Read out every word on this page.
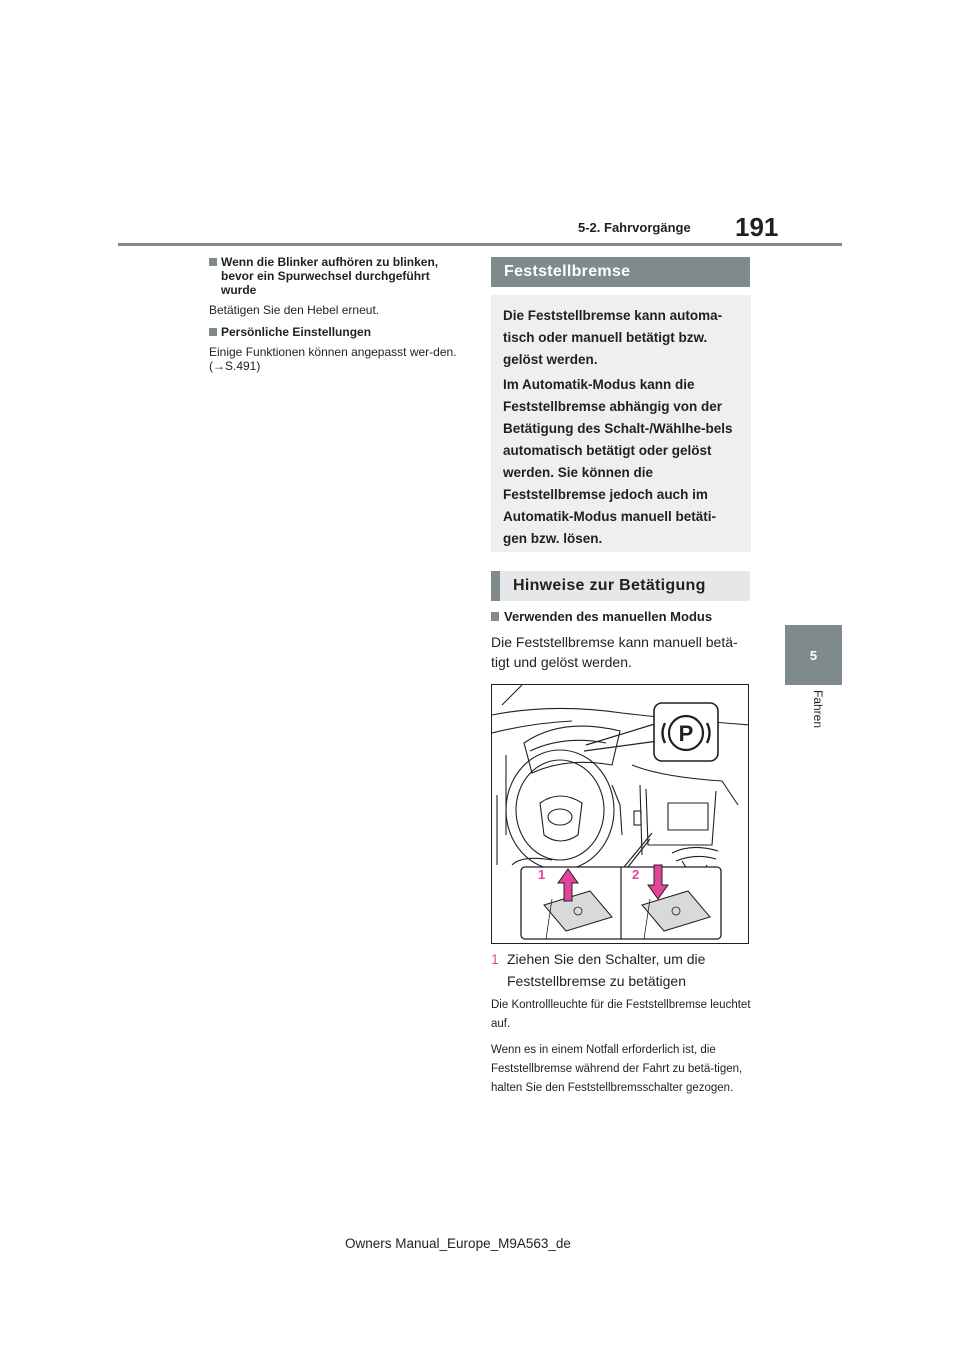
5-2. Fahrvorgänge 191
5
Fahren
Wenn die Blinker aufhören zu blinken, bevor ein Spurwechsel durchgeführt wurde
Betätigen Sie den Hebel erneut.
Persönliche Einstellungen
Einige Funktionen können angepasst wer-den. (→S.491)
Feststellbremse

Die Feststellbremse kann automa-tisch oder manuell betätigt bzw. gelöst werden.

Im Automatik-Modus kann die Feststellbremse abhängig von der Betätigung des Schalt-/Wählhe-bels automatisch betätigt oder gelöst werden. Sie können die Feststellbremse jedoch auch im Automatik-Modus manuell betäti-gen bzw. lösen.

Hinweise zur Betätigung
Verwenden des manuellen Modus
Die Feststellbremse kann manuell betä-tigt und gelöst werden.
P
1	2
1 Ziehen Sie den Schalter, um die Feststellbremse zu betätigen

Die Kontrollleuchte für die Feststellbremse leuchtet auf.

Wenn es in einem Notfall erforderlich ist, die Feststellbremse während der Fahrt zu betä-tigen, halten Sie den Feststellbremsschalter gezogen.

Owners Manual_Europe_M9A563_de
